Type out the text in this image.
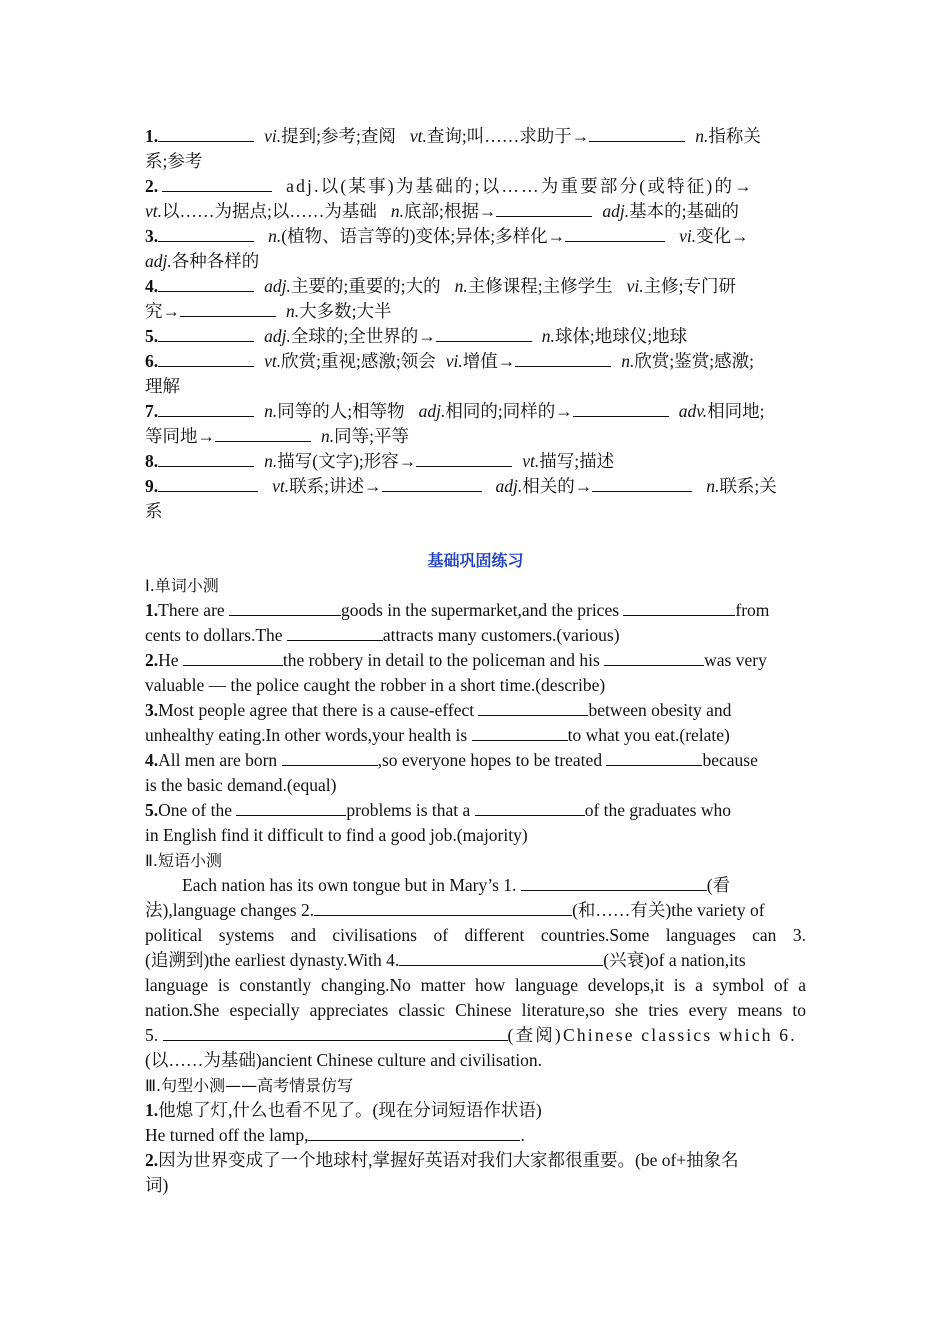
1.	vi.提到;参考;查阅 vt.查询;叫……求助于→	n.指称关
系;参考
2.	adj.以(某事)为基础的;以……为重要部分(或特征)的→
vt.以……为据点;以……为基础 n.底部;根据→	adj.基本的;基础的
3.	n.(植物、语言等的)变体;异体;多样化→	vi.变化→
adj.各种各样的
4.	adj.主要的;重要的;大的 n.主修课程;主修学生 vi.主修;专门研
究→	n.大多数;大半
5.	adj.全球的;全世界的→	n.球体;地球仪;地球
6.	vt.欣赏;重视;感激;领会 vi.增值→	n.欣赏;鉴赏;感激;
理解
7.	n.同等的人;相等物 adj.相同的;同样的→	adv.相同地;
等同地→	n.同等;平等
8.	n.描写(文字);形容→	vt.描写;描述
9.	vt.联系;讲述→	adj.相关的→	n.联系;关
系
基础巩固练习
Ⅰ.单词小测
1.There are	goods in the supermarket,and the prices	from
cents to dollars.The	attracts many customers.(various)
2.He	the robbery in detail to the policeman and his	was very
valuable — the police caught the robber in a short time.(describe)
3.Most people agree that there is a cause-effect	between obesity and
unhealthy eating.In other words,your health is	to what you eat.(relate)
4.All men are born	,so everyone hopes to be treated	because
is the basic demand.(equal)
5.One of the	problems is that a	of the graduates who
in English find it difficult to find a good job.(majority)
Ⅱ.短语小测
Each nation has its own tongue but in Mary’s 1.	(看
法),language changes 2.	(和……有关)the variety of
political systems and civilisations of different countries.Some languages can 3.
(追溯到)the earliest dynasty.With 4.	(兴衰)of a nation,its
language is constantly changing.No matter how language develops,it is a symbol of a
nation.She especially appreciates classic Chinese literature,so she tries every means to
5.	(查阅)Chinese classics which 6.
(以……为基础)ancient Chinese culture and civilisation.
Ⅲ.句型小测——高考情景仿写
1.他熄了灯,什么也看不见了。(现在分词短语作状语)
He turned off the lamp,	.
2.因为世界变成了一个地球村,掌握好英语对我们大家都很重要。(be of+抽象名
词)
